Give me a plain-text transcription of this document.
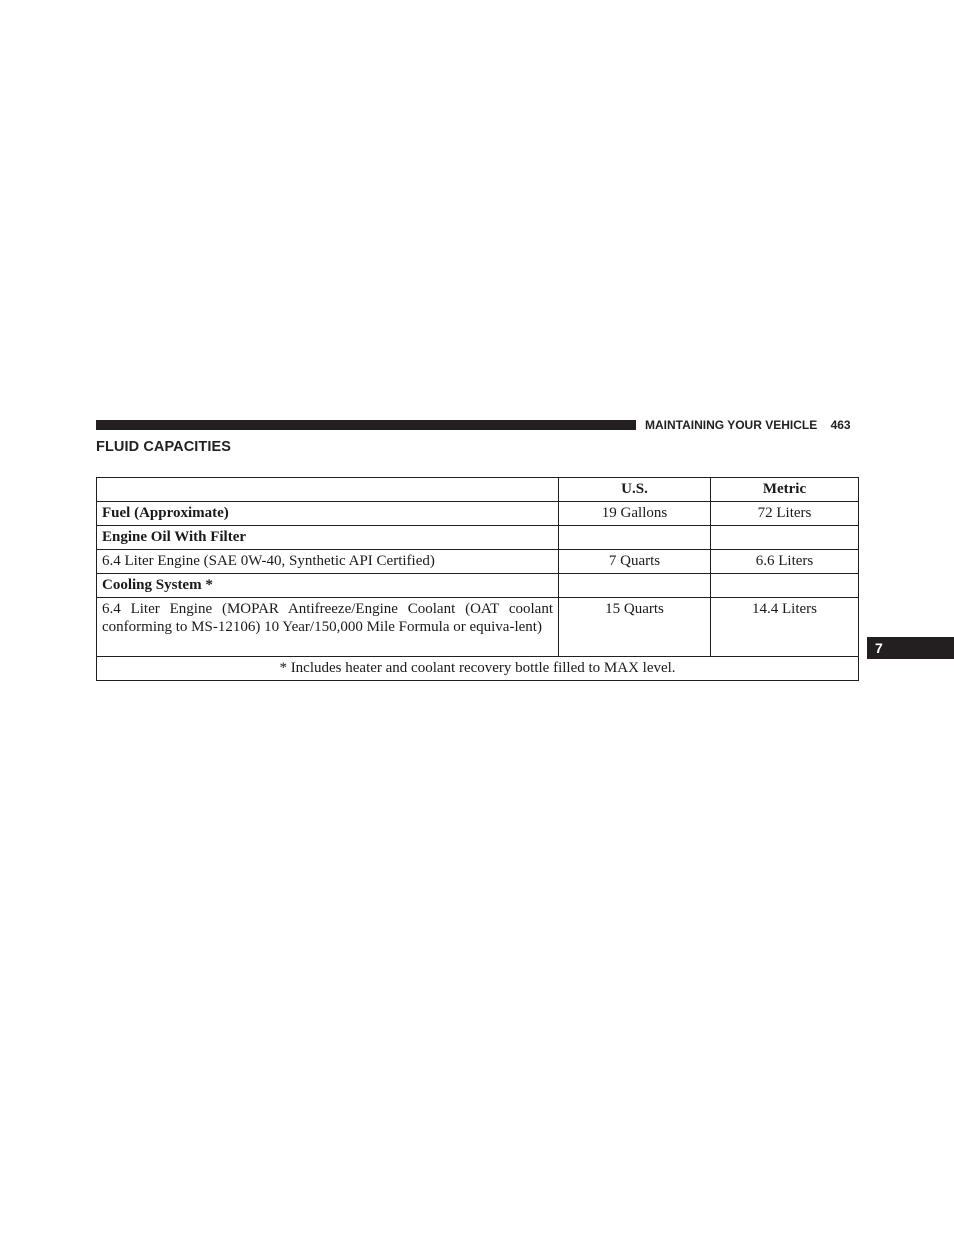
MAINTAINING YOUR VEHICLE 463
FLUID CAPACITIES
	U.S.	Metric
Fuel (Approximate)	19 Gallons	72 Liters
Engine Oil With Filter		
6.4 Liter Engine (SAE 0W-40, Synthetic API Certified)	7 Quarts	6.6 Liters
Cooling System *		
6.4 Liter Engine (MOPAR Antifreeze/Engine Coolant (OAT coolant conforming to MS-12106) 10 Year/150,000 Mile Formula or equiva-lent)	15 Quarts	14.4 Liters
* Includes heater and coolant recovery bottle filled to MAX level.		
7
